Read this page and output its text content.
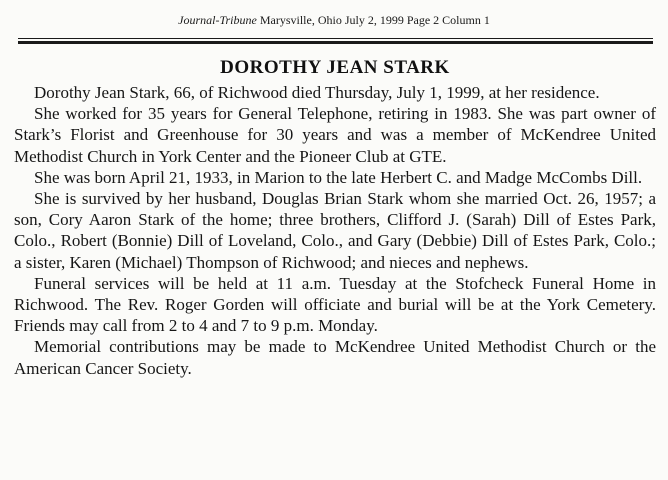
Journal-Tribune Marysville, Ohio July 2, 1999 Page 2 Column 1
DOROTHY JEAN STARK

Dorothy Jean Stark, 66, of Richwood died Thursday, July 1, 1999, at her residence.

She worked for 35 years for General Telephone, retiring in 1983. She was part owner of Stark’s Florist and Greenhouse for 30 years and was a member of McKendree United Methodist Church in York Center and the Pioneer Club at GTE.

She was born April 21, 1933, in Marion to the late Herbert C. and Madge McCombs Dill.

She is survived by her husband, Douglas Brian Stark whom she married Oct. 26, 1957; a son, Cory Aaron Stark of the home; three brothers, Clifford J. (Sarah) Dill of Estes Park, Colo., Robert (Bonnie) Dill of Loveland, Colo., and Gary (Debbie) Dill of Estes Park, Colo.; a sister, Karen (Michael) Thompson of Richwood; and nieces and nephews.

Funeral services will be held at 11 a.m. Tuesday at the Stofcheck Funeral Home in Richwood. The Rev. Roger Gorden will officiate and burial will be at the York Cemetery. Friends may call from 2 to 4 and 7 to 9 p.m. Monday.

Memorial contributions may be made to McKendree United Methodist Church or the American Cancer Society.
